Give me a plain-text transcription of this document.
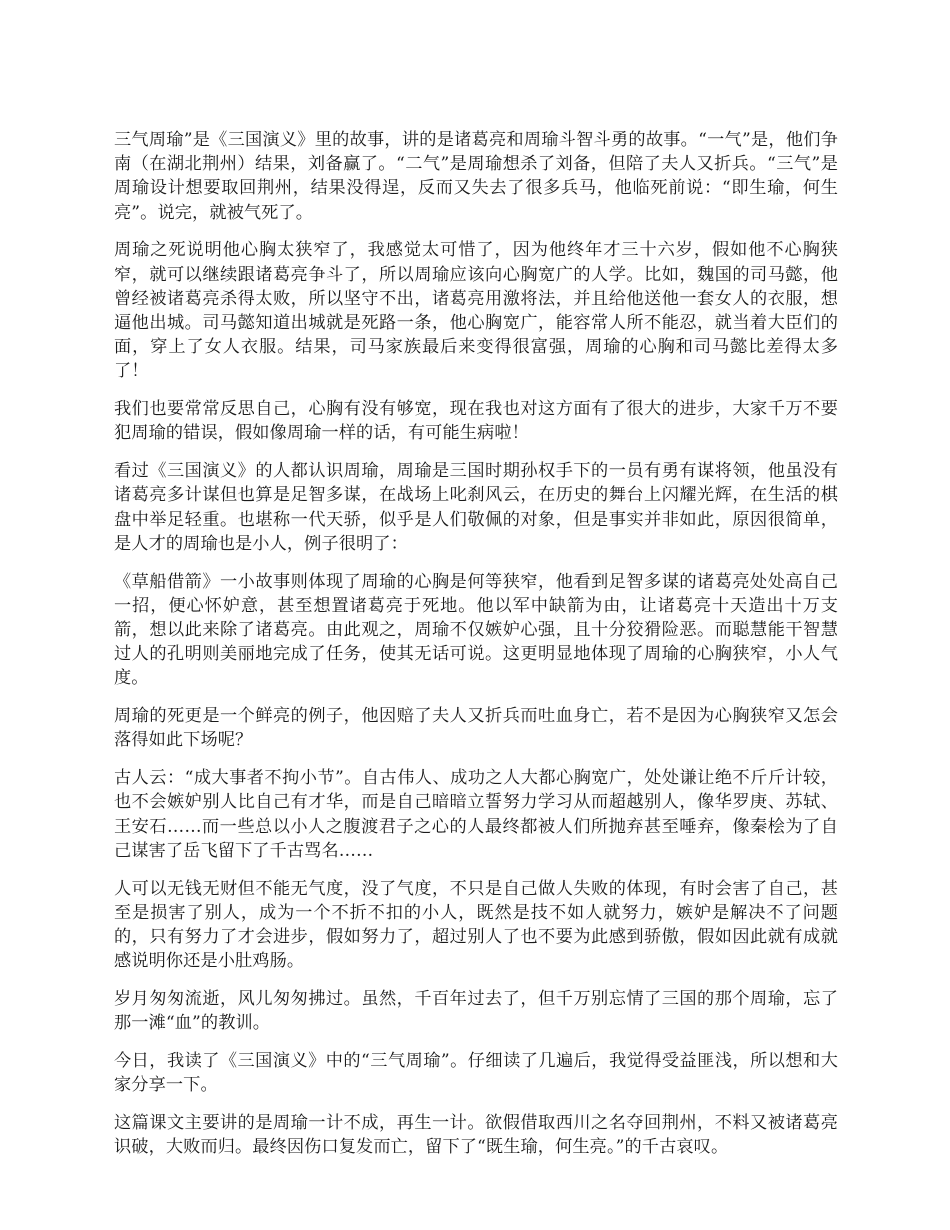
三气周瑜”是《三国演义》里的故事，讲的是诸葛亮和周瑜斗智斗勇的故事。“一气”是，他们争南（在湖北荆州）结果，刘备赢了。“二气”是周瑜想杀了刘备，但陪了夫人又折兵。“三气”是周瑜设计想要取回荆州，结果没得逞，反而又失去了很多兵马，他临死前说：“即生瑜，何生亮”。说完，就被气死了。

周瑜之死说明他心胸太狭窄了，我感觉太可惜了，因为他终年才三十六岁，假如他不心胸狭窄，就可以继续跟诸葛亮争斗了，所以周瑜应该向心胸宽广的人学。比如，魏国的司马懿，他曾经被诸葛亮杀得太败，所以坚守不出，诸葛亮用激将法，并且给他送他一套女人的衣服，想逼他出城。司马懿知道出城就是死路一条，他心胸宽广，能容常人所不能忍，就当着大臣们的面，穿上了女人衣服。结果，司马家族最后来变得很富强，周瑜的心胸和司马懿比差得太多了！

我们也要常常反思自己，心胸有没有够宽，现在我也对这方面有了很大的进步，大家千万不要犯周瑜的错误，假如像周瑜一样的话，有可能生病啦！

看过《三国演义》的人都认识周瑜，周瑜是三国时期孙权手下的一员有勇有谋将领，他虽没有诸葛亮多计谋但也算是足智多谋，在战场上叱刹风云，在历史的舞台上闪耀光辉，在生活的棋盘中举足轻重。也堪称一代天骄，似乎是人们敬佩的对象，但是事实并非如此，原因很简单，是人才的周瑜也是小人，例子很明了：

《草船借箭》一小故事则体现了周瑜的心胸是何等狭窄，他看到足智多谋的诸葛亮处处高自己一招，便心怀妒意，甚至想置诸葛亮于死地。他以军中缺箭为由，让诸葛亮十天造出十万支箭，想以此来除了诸葛亮。由此观之，周瑜不仅嫉妒心强，且十分狡猾险恶。而聪慧能干智慧过人的孔明则美丽地完成了任务，使其无话可说。这更明显地体现了周瑜的心胸狭窄，小人气度。

周瑜的死更是一个鲜亮的例子，他因赔了夫人又折兵而吐血身亡，若不是因为心胸狭窄又怎会落得如此下场呢？

古人云：“成大事者不拘小节”。自古伟人、成功之人大都心胸宽广，处处谦让绝不斤斤计较，也不会嫉妒别人比自己有才华，而是自己暗暗立誓努力学习从而超越别人，像华罗庚、苏轼、王安石……而一些总以小人之腹渡君子之心的人最终都被人们所抛弃甚至唾弃，像秦桧为了自己谋害了岳飞留下了千古骂名……

人可以无钱无财但不能无气度，没了气度，不只是自己做人失败的体现，有时会害了自己，甚至是损害了别人，成为一个不折不扣的小人，既然是技不如人就努力，嫉妒是解决不了问题的，只有努力了才会进步，假如努力了，超过别人了也不要为此感到骄傲，假如因此就有成就感说明你还是小肚鸡肠。

岁月匆匆流逝，风儿匆匆拂过。虽然，千百年过去了，但千万别忘情了三国的那个周瑜，忘了那一滩“血”的教训。

今日，我读了《三国演义》中的“三气周瑜”。仔细读了几遍后，我觉得受益匪浅，所以想和大家分享一下。

这篇课文主要讲的是周瑜一计不成，再生一计。欲假借取西川之名夺回荆州，不料又被诸葛亮识破，大败而归。最终因伤口复发而亡，留下了“既生瑜，何生亮。”的千古哀叹。
